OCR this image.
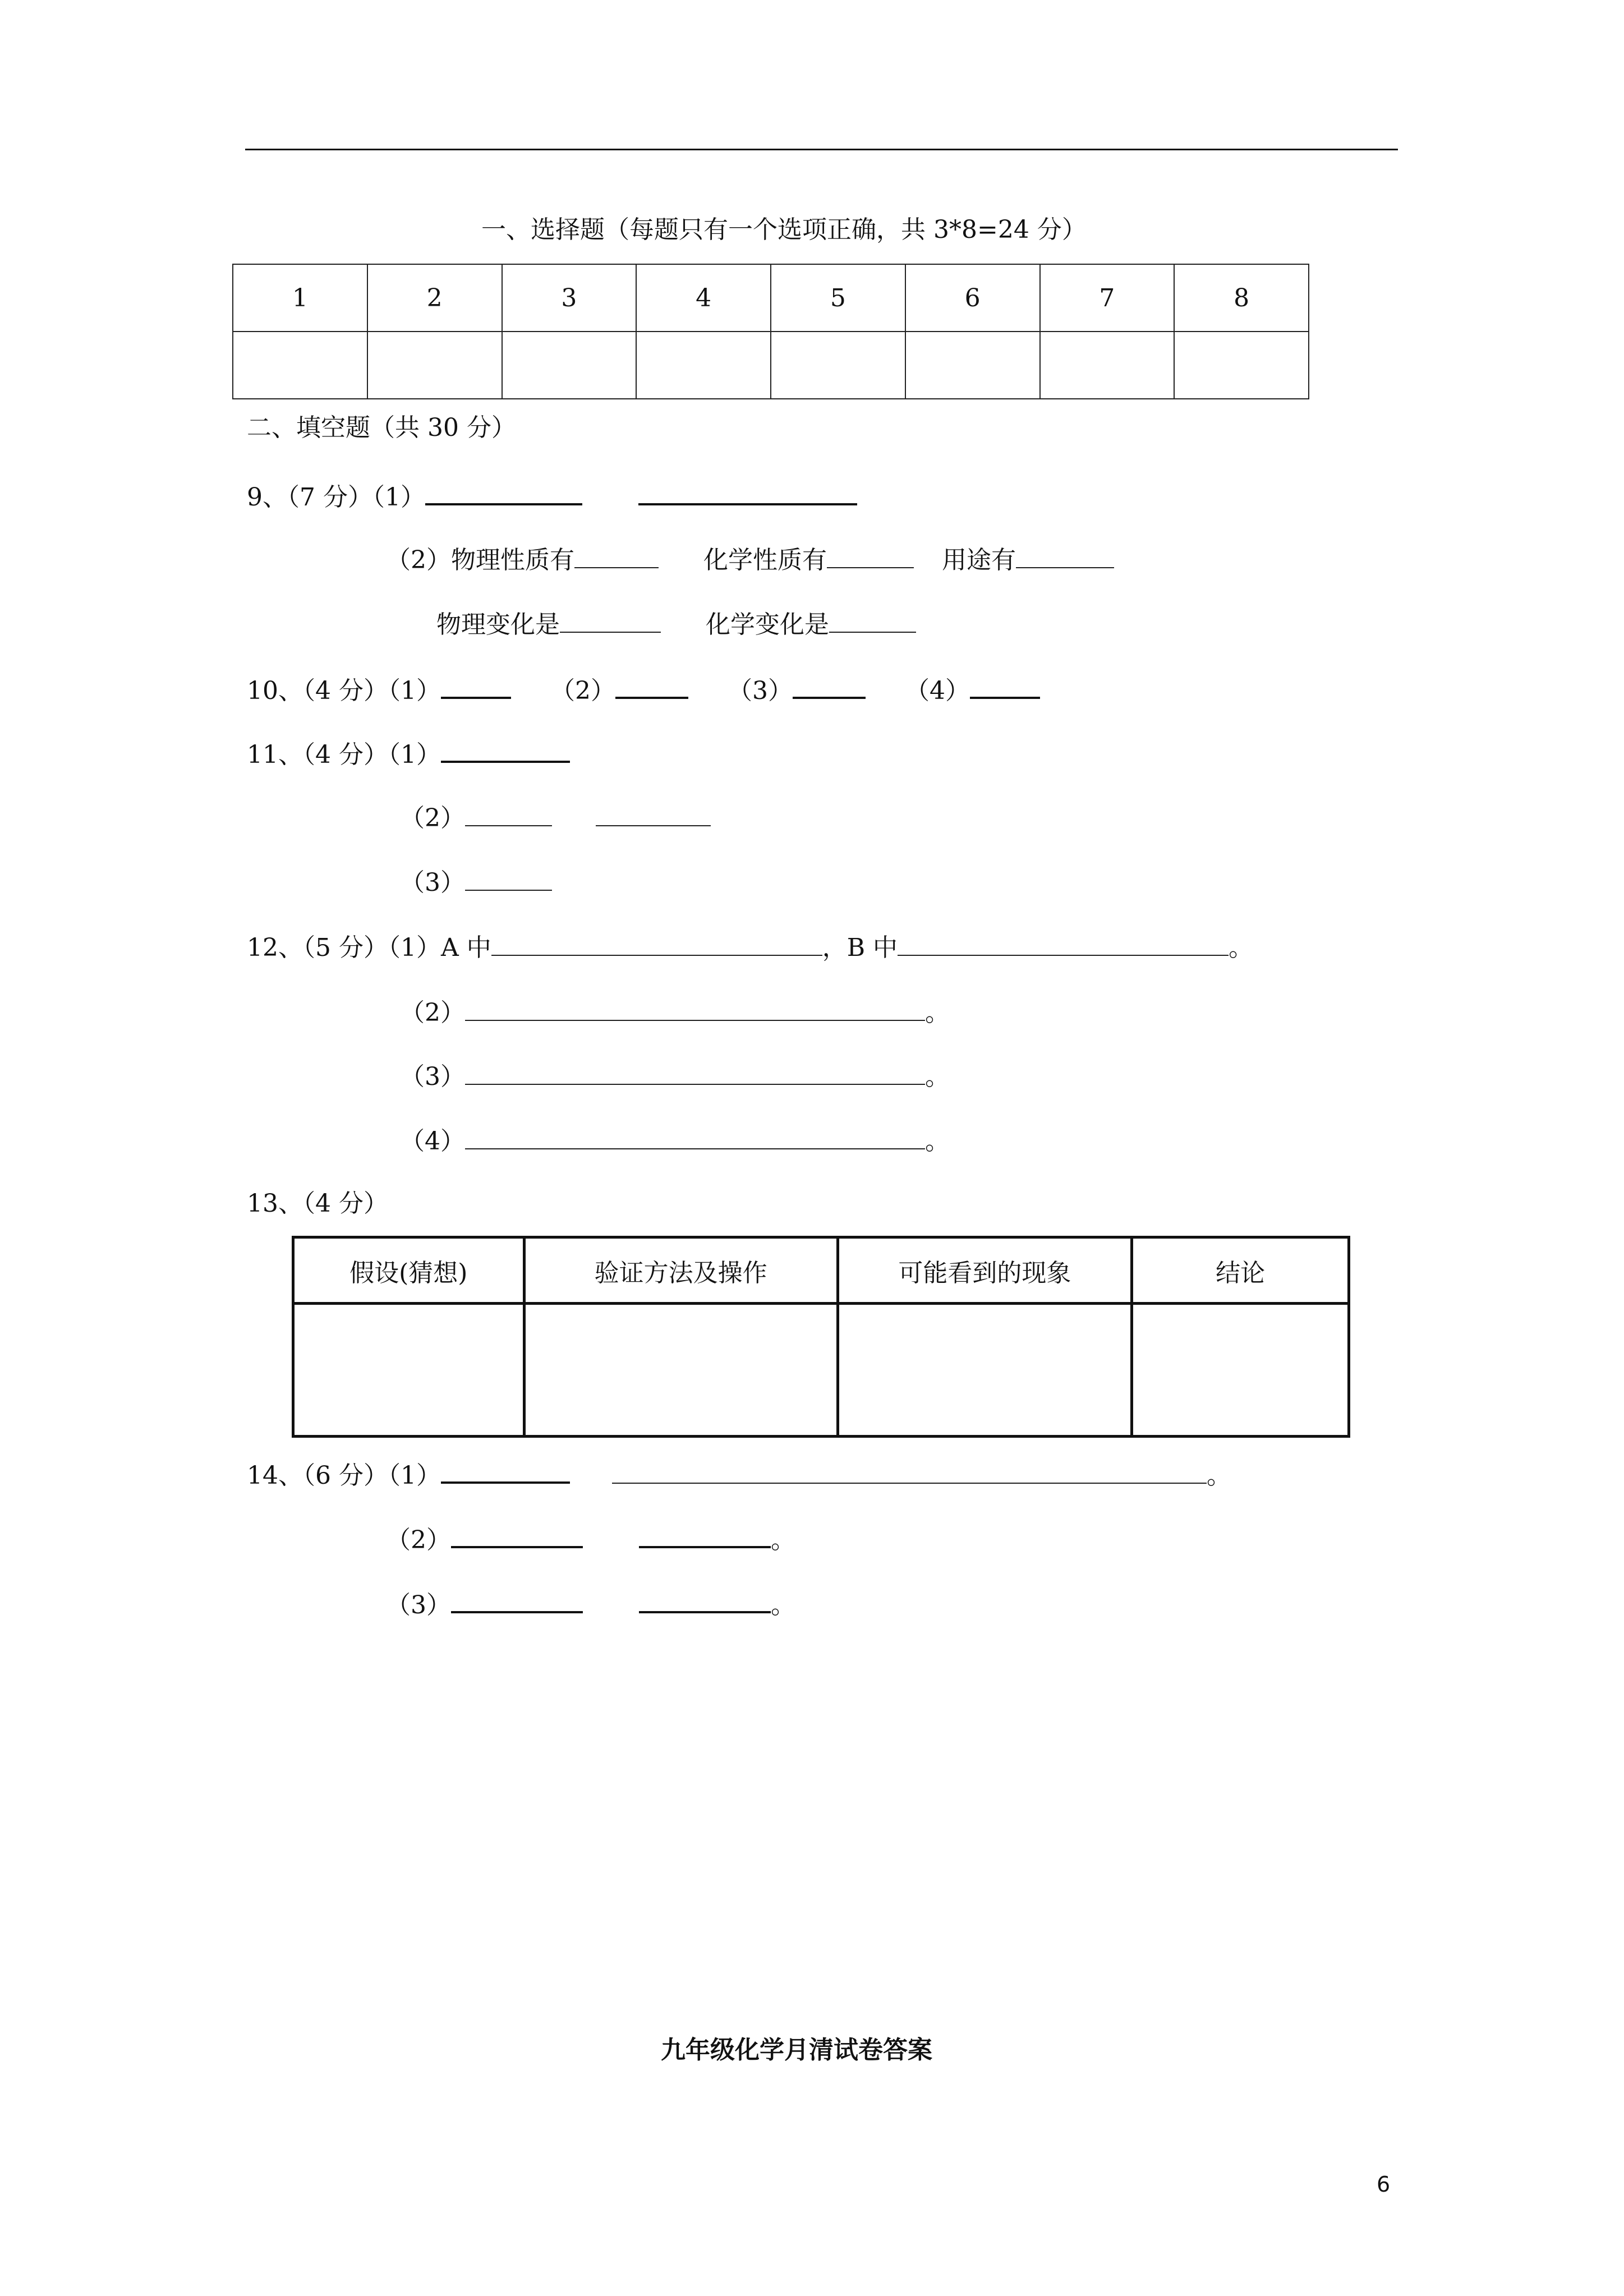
一、选择题（每题只有一个选项正确，共 3*8=24 分）
1	2	3	4	5	6	7	8

二、填空题（共 30 分）
9、（7 分）（1）
（2）物理性质有	化学性质有	用途有
物理变化是	化学变化是
10、（4 分）（1）	（2）	（3）	（4）
11、（4 分）（1）
（2）
（3）
12、（5 分）（1）A 中	，B 中	。
（2）	。
（3）	。
（4）	。
13、（4 分）
假设(猜想)	验证方法及操作	可能看到的现象	结论

14、（6 分）（1）	。
（2）	。
（3）	。
九年级化学月清试卷答案
6
